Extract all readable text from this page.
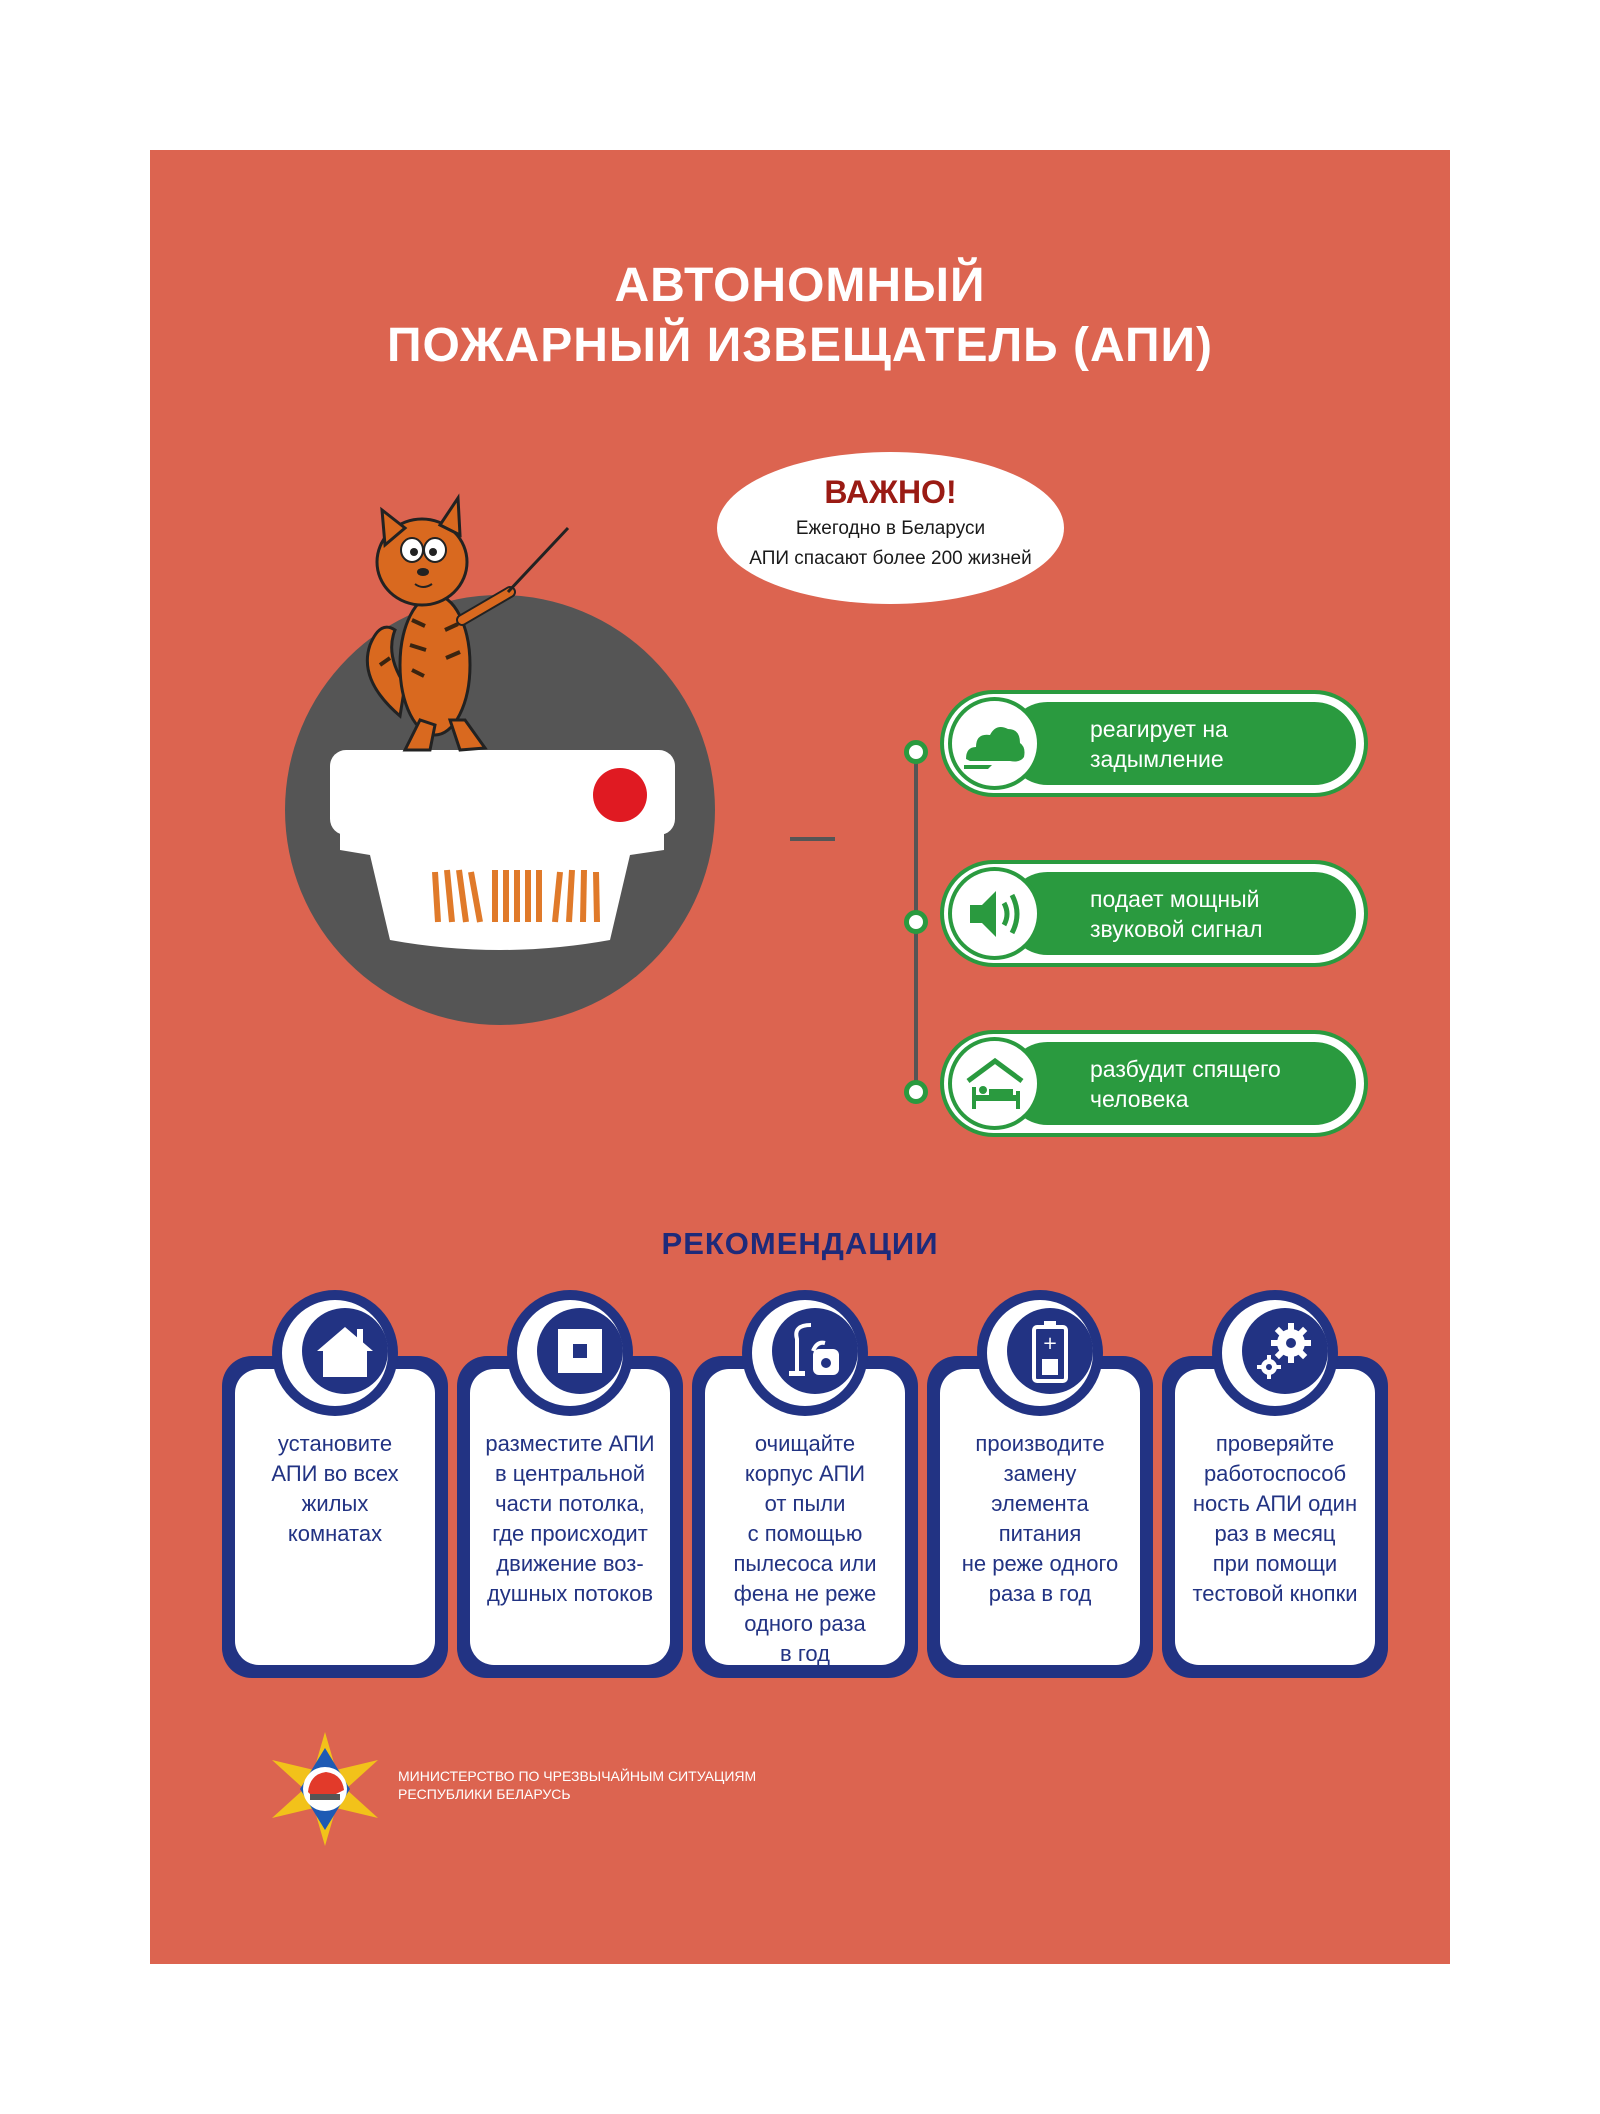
АВТОНОМНЫЙ
ПОЖАРНЫЙ ИЗВЕЩАТЕЛЬ (АПИ)
ВАЖНО!
Ежегодно в Беларуси
АПИ спасают более 200 жизней
реагирует на
задымление
подает мощный
звуковой сигнал
разбудит спящего
человека
РЕКОМЕНДАЦИИ
установите
АПИ во всех
жилых
комнатах
разместите АПИ
в центральной
части потолка,
где происходит
движение воз-
душных потоков
очищайте
корпус АПИ
от пыли
с помощью
пылесоса или
фена не реже
одного раза
в год
производите
замену
элемента
питания
не реже одного
раза в год
+
проверяйте
работоспособ
ность АПИ один
раз в месяц
при помощи
тестовой кнопки
МИНИСТЕРСТВО ПО ЧРЕЗВЫЧАЙНЫМ СИТУАЦИЯМ
РЕСПУБЛИКИ БЕЛАРУСЬ
